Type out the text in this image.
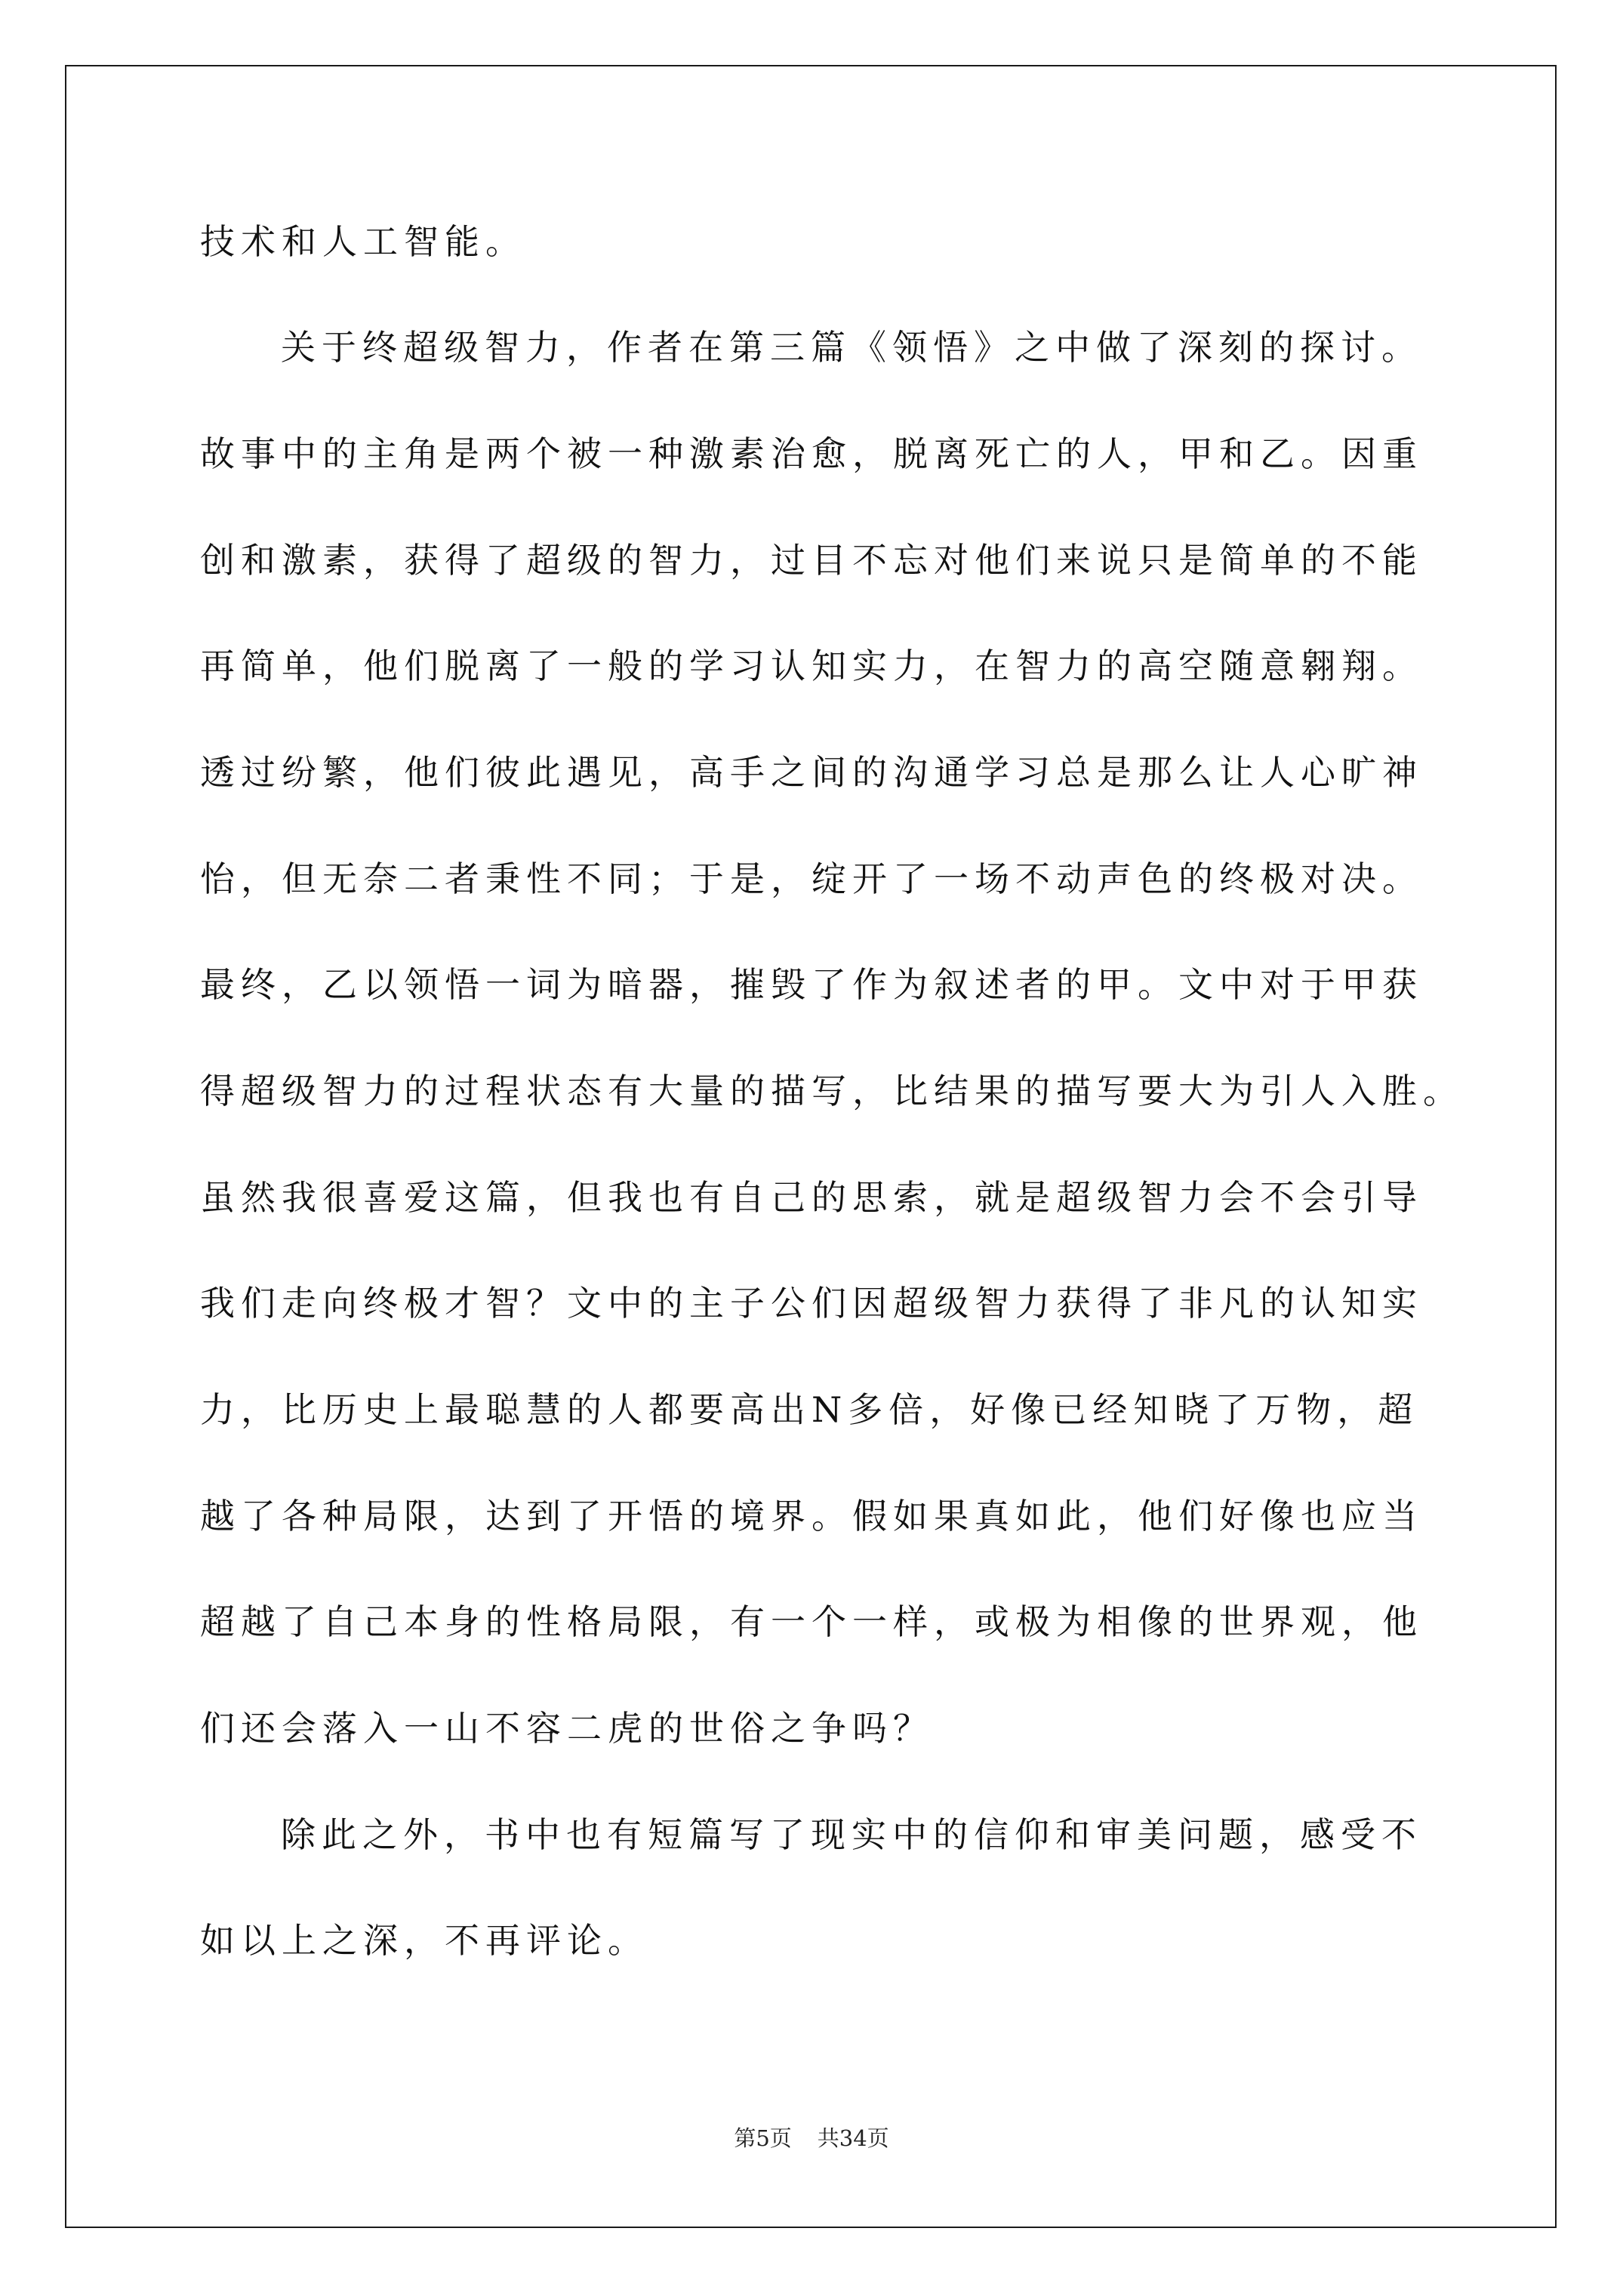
技术和人工智能。
关于终超级智力，作者在第三篇《领悟》之中做了深刻的探讨。
故事中的主角是两个被一种激素治愈，脱离死亡的人，甲和乙。因重
创和激素，获得了超级的智力，过目不忘对他们来说只是简单的不能
再简单，他们脱离了一般的学习认知实力，在智力的高空随意翱翔。
透过纷繁，他们彼此遇见，高手之间的沟通学习总是那么让人心旷神
怡，但无奈二者秉性不同；于是，绽开了一场不动声色的终极对决。
最终，乙以领悟一词为暗器，摧毁了作为叙述者的甲。文中对于甲获
得超级智力的过程状态有大量的描写，比结果的描写要大为引人入胜。
虽然我很喜爱这篇，但我也有自己的思索，就是超级智力会不会引导
我们走向终极才智？文中的主子公们因超级智力获得了非凡的认知实
力，比历史上最聪慧的人都要高出N多倍，好像已经知晓了万物，超
越了各种局限，达到了开悟的境界。假如果真如此，他们好像也应当
超越了自己本身的性格局限，有一个一样，或极为相像的世界观，他
们还会落入一山不容二虎的世俗之争吗？
除此之外，书中也有短篇写了现实中的信仰和审美问题，感受不
如以上之深，不再评论。
第5页 共34页
